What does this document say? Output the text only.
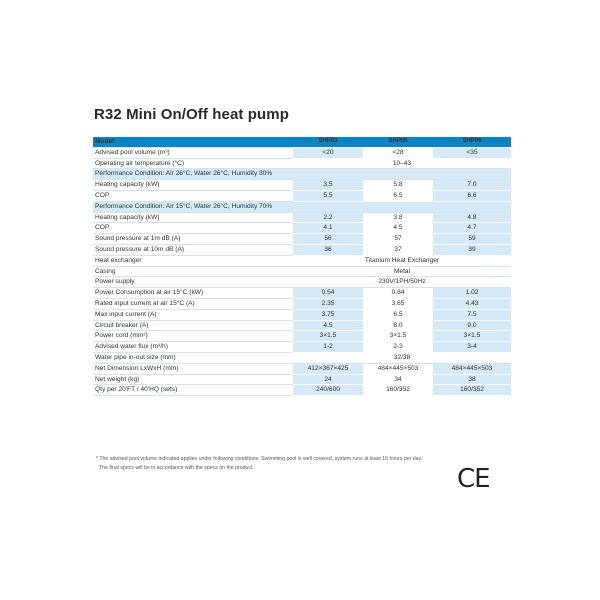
R32 Mini On/Off heat pump
Model	SHP03	SHP05	SHP06
Advised pool volume (m³)	<20	<28	<35
Operating air temperature (°C)	10–43		
Performance Condition: Air 26°C, Water 26°C, Humidity 80%			
Heating capacity (kW)	3.5	5.8	7.0
COP	5.5	6.5	6.6
Performance Condition: Air 15°C, Water 26°C, Humidity 70%			
Heating capacity (kW)	2.2	3.8	4.8
COP	4.1	4.5	4.7
Sound pressure at 1m dB (A)	56	57	59
Sound pressure at 10m dB (A)	36	37	39
Heat exchanger	Titanium Heat Exchanger		
Casing	Metal		
Power supply	230V/1PH/50Hz		
Power Consumption at air 15°C (kW)	0.54	0.84	1.02
Rated input current at air 15°C (A)	2.35	3.65	4.43
Max input current (A)	3.75	6.5	7.5
Circuit breaker (A)	4.5	8.0	9.0
Power cord (mm²)	3×1.5	3×1.5	3×1.5
Advised water flux (m³/h)	1-2	2-3	3-4
Water pipe in-out size (mm)	32/38		
Net Dimension LxWxH (mm)	412×367×425	484×445×503	484×445×503
Net weight (kg)	24	34	38
Qty per 20'FT / 40'HQ (sets)	240/600	160/352	160/352
* The advised pool volume indicated applies under following conditions: Swimming pool is well covered, system runs at least 15 hours per day.
The final specs will be in accordance with the specs on the product.	CE
